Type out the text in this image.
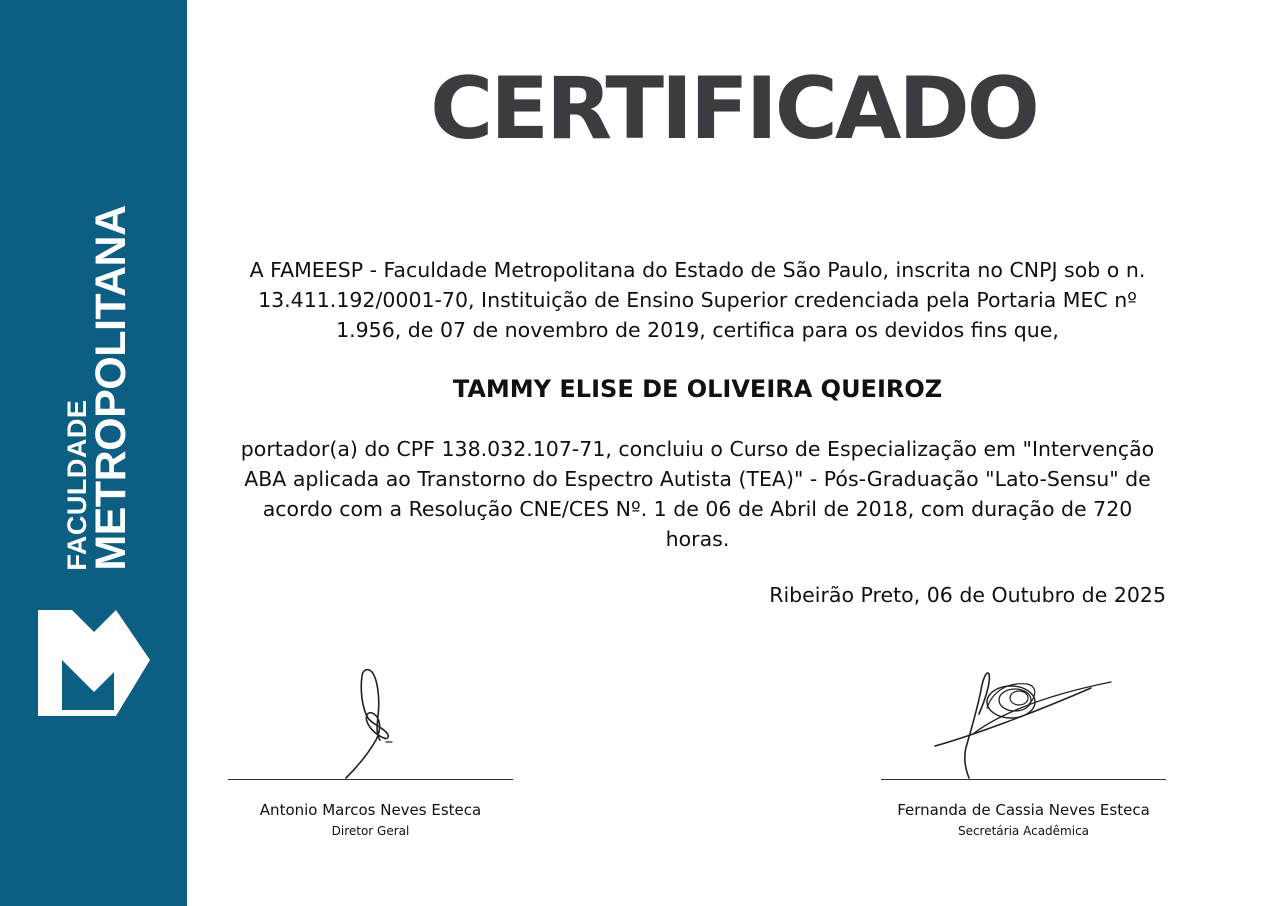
FACULDADE
METROPOLITANA
CERTIFICADO
A FAMEESP - Faculdade Metropolitana do Estado de São Paulo, inscrita no CNPJ sob o n. 13.411.192/0001-70, Instituição de Ensino Superior credenciada pela Portaria MEC nº 1.956, de 07 de novembro de 2019, certifica para os devidos fins que,
TAMMY ELISE DE OLIVEIRA QUEIROZ
portador(a) do CPF 138.032.107-71, concluiu o Curso de Especialização em "Intervenção ABA aplicada ao Transtorno do Espectro Autista (TEA)" - Pós-Graduação "Lato-Sensu" de acordo com a Resolução CNE/CES Nº. 1 de 06 de Abril de 2018, com duração de 720 horas.
Ribeirão Preto, 06 de Outubro de 2025
Antonio Marcos Neves Esteca
Diretor Geral
Fernanda de Cassia Neves Esteca
Secretária Acadêmica
